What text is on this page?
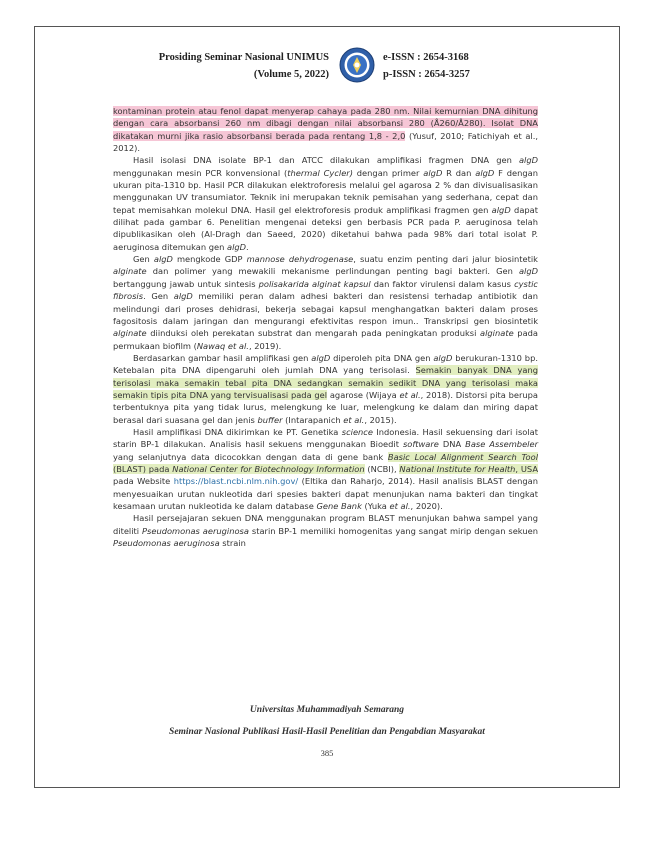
Prosiding Seminar Nasional UNIMUS
(Volume 5, 2022)
e-ISSN : 2654-3168
p-ISSN : 2654-3257

kontaminan protein atau fenol dapat menyerap cahaya pada 280 nm. Nilai kemurnian DNA dihitung dengan cara absorbansi 260 nm dibagi dengan nilai absorbansi 280 (Å260/Å280). Isolat DNA dikatakan murni jika rasio absorbansi berada pada rentang 1,8 - 2,0 (Yusuf, 2010; Fatichiyah et al., 2012).

Hasil isolasi DNA isolate BP-1 dan ATCC dilakukan amplifikasi fragmen DNA gen algD menggunakan mesin PCR konvensional (thermal Cycler) dengan primer algD R dan algD F dengan ukuran pita-1310 bp. Hasil PCR dilakukan elektroforesis melalui gel agarosa 2 % dan divisualisasikan menggunakan UV transumiator. Teknik ini merupakan teknik pemisahan yang sederhana, cepat dan tepat memisahkan molekul DNA. Hasil gel elektroforesis produk amplifikasi fragmen gen algD dapat dilihat pada gambar 6. Penelitian mengenai deteksi gen berbasis PCR pada P. aeruginosa telah dipublikasikan oleh (Al-Dragh dan Saeed, 2020) diketahui bahwa pada 98% dari total isolat P. aeruginosa ditemukan gen algD.

Gen algD mengkode GDP mannose dehydrogenase, suatu enzim penting dari jalur biosintetik alginate dan polimer yang mewakili mekanisme perlindungan penting bagi bakteri. Gen algD bertanggung jawab untuk sintesis polisakarida alginat kapsul dan faktor virulensi dalam kasus cystic fibrosis. Gen algD memiliki peran dalam adhesi bakteri dan resistensi terhadap antibiotik dan melindungi dari proses dehidrasi, bekerja sebagai kapsul menghangatkan bakteri dalam proses fagositosis dalam jaringan dan mengurangi efektivitas respon imun.. Transkripsi gen biosintetik alginate diinduksi oleh perekatan substrat dan mengarah pada peningkatan produksi alginate pada permukaan biofilm (Nawaq et al., 2019).

Berdasarkan gambar hasil amplifikasi gen algD diperoleh pita DNA gen algD berukuran-1310 bp. Ketebalan pita DNA dipengaruhi oleh jumlah DNA yang terisolasi. Semakin banyak DNA yang terisolasi maka semakin tebal pita DNA sedangkan semakin sedikit DNA yang terisolasi maka semakin tipis pita DNA yang tervisualisasi pada gel agarose (Wijaya et al., 2018). Distorsi pita berupa terbentuknya pita yang tidak lurus, melengkung ke luar, melengkung ke dalam dan miring dapat berasal dari suasana gel dan jenis buffer (Intarapanich et al., 2015).

Hasil amplifikasi DNA dikirimkan ke PT. Genetika science Indonesia. Hasil sekuensing dari isolat starin BP-1 dilakukan. Analisis hasil sekuens menggunakan Bioedit software DNA Base Assembeler yang selanjutnya data dicocokkan dengan data di gene bank Basic Local Alignment Search Tool (BLAST) pada National Center for Biotechnology Information (NCBI), National Institute for Health, USA pada Website https://blast.ncbi.nlm.nih.gov/ (Eltika dan Raharjo, 2014). Hasil analisis BLAST dengan menyesuaikan urutan nukleotida dari spesies bakteri dapat menunjukan nama bakteri dan tingkat kesamaan urutan nukleotida ke dalam database Gene Bank (Yuka et al., 2020).

Hasil persejajaran sekuen DNA menggunakan program BLAST menunjukan bahwa sampel yang diteliti Pseudomonas aeruginosa starin BP-1 memiliki homogenitas yang sangat mirip dengan sekuen Pseudomonas aeruginosa strain

Universitas Muhammadiyah Semarang
Seminar Nasional Publikasi Hasil-Hasil Penelitian dan Pengabdian Masyarakat
385
